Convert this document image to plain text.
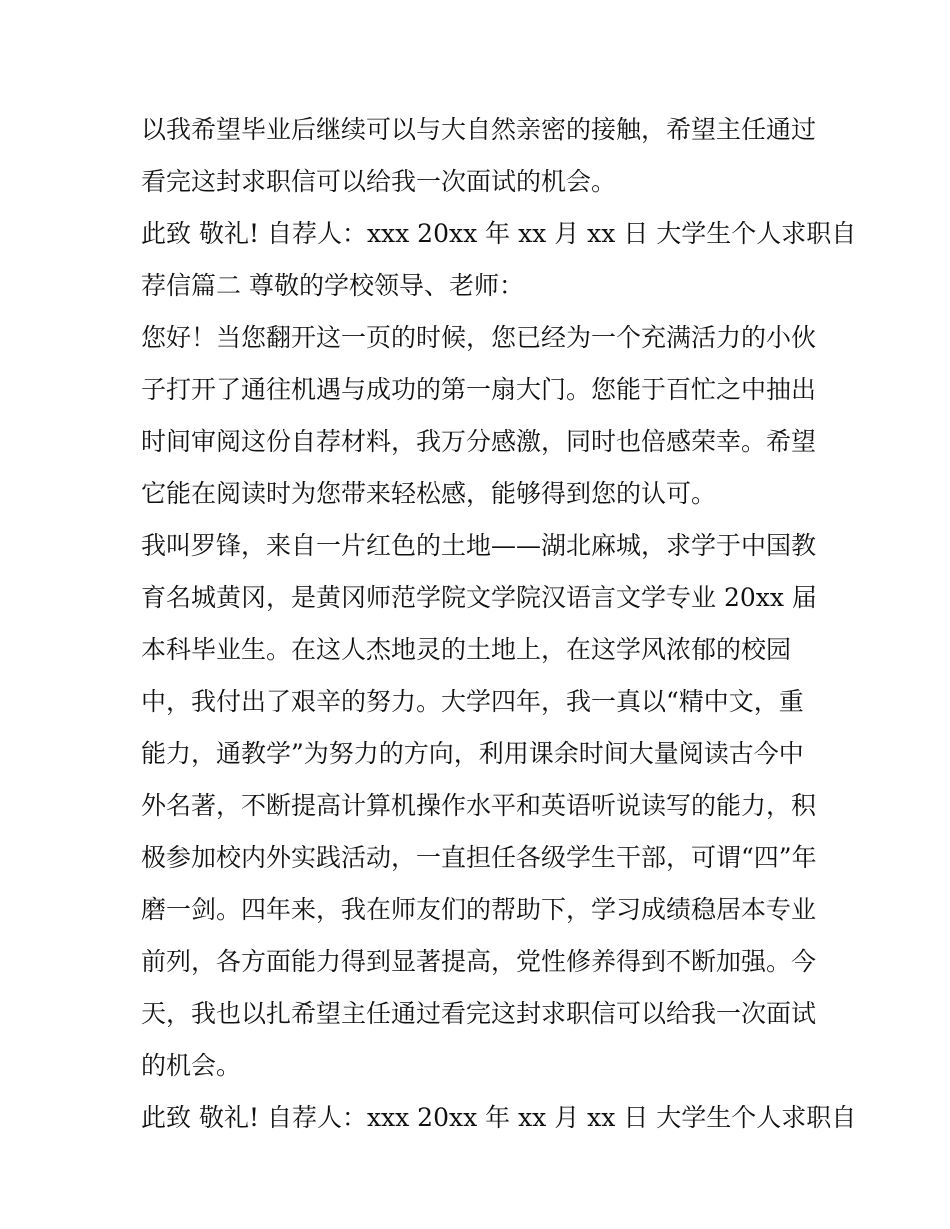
以我希望毕业后继续可以与大自然亲密的接触，希望主任通过
看完这封求职信可以给我一次面试的机会。
此致 敬礼! 自荐人：xxx 20xx 年 xx 月 xx 日 大学生个人求职自
荐信篇二 尊敬的学校领导、老师：
您好！当您翻开这一页的时候，您已经为一个充满活力的小伙
子打开了通往机遇与成功的第一扇大门。您能于百忙之中抽出
时间审阅这份自荐材料，我万分感激，同时也倍感荣幸。希望
它能在阅读时为您带来轻松感，能够得到您的认可。
我叫罗锋，来自一片红色的土地——湖北麻城，求学于中国教
育名城黄冈，是黄冈师范学院文学院汉语言文学专业 20xx 届
本科毕业生。在这人杰地灵的土地上，在这学风浓郁的校园
中，我付出了艰辛的努力。大学四年，我一真以“精中文，重
能力，通教学”为努力的方向，利用课余时间大量阅读古今中
外名著，不断提高计算机操作水平和英语听说读写的能力，积
极参加校内外实践活动，一直担任各级学生干部，可谓“四”年
磨一剑。四年来，我在师友们的帮助下，学习成绩稳居本专业
前列，各方面能力得到显著提高，党性修养得到不断加强。今
天，我也以扎希望主任通过看完这封求职信可以给我一次面试
的机会。
此致 敬礼! 自荐人：xxx 20xx 年 xx 月 xx 日 大学生个人求职自
